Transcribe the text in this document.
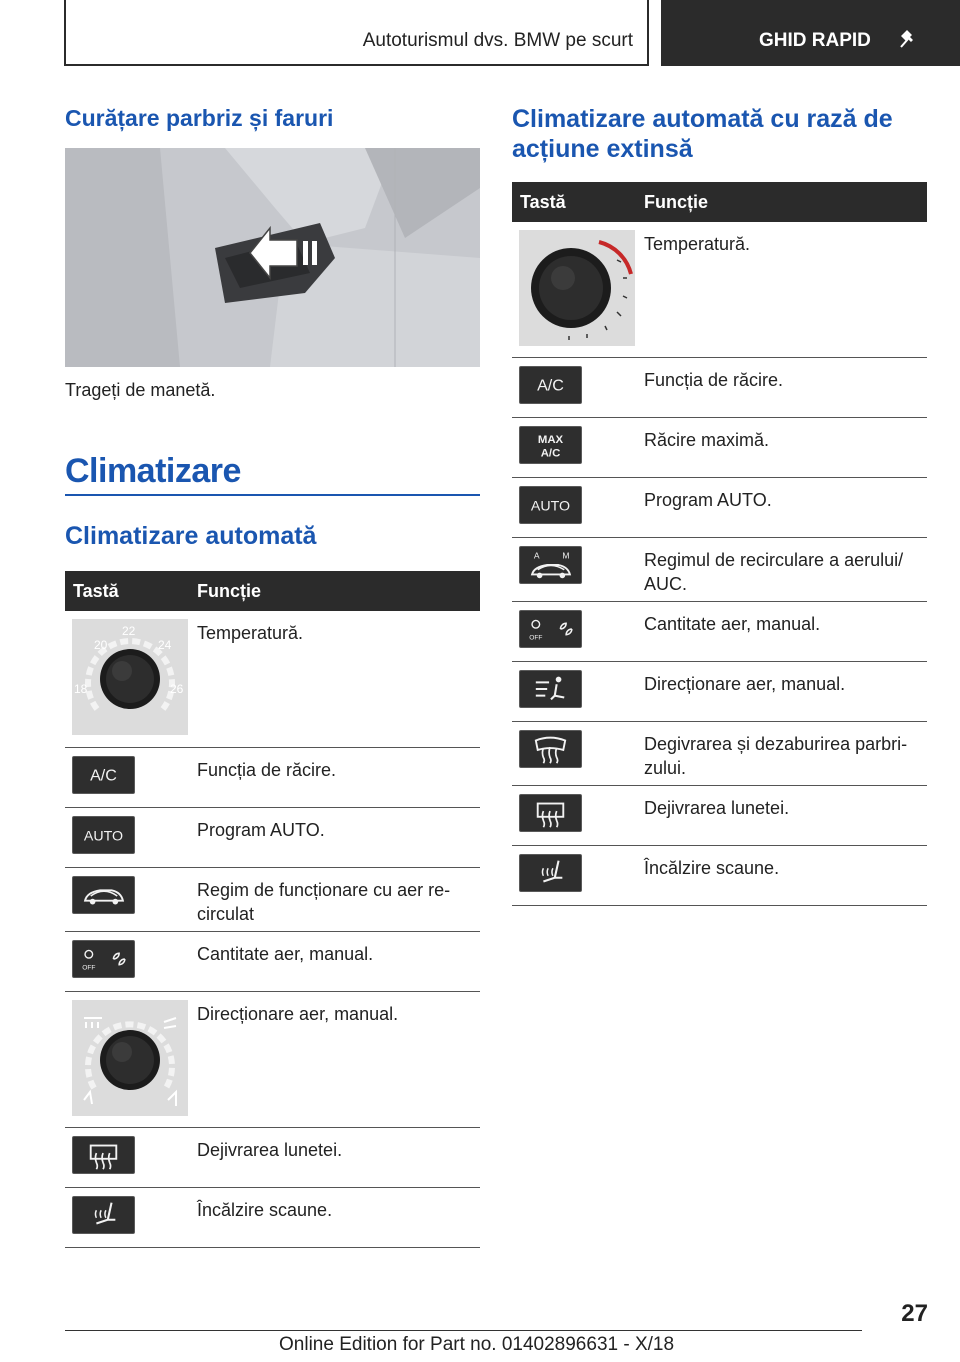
Autoturismul dvs. BMW pe scurt	GHID RAPID
Curățare parbriz și faruri
Trageți de manetă.
Climatizare
Climatizare automată
Tastă	Funcție

20
22
24
18 26	Temperatură.

A/C	Funcția de răcire.

AUTO	Program AUTO.

	Regim de funcționare cu aer re-circulat

OFF	Cantitate aer, manual.

	Direcționare aer, manual.

	Dejivrarea lunetei.

	Încălzire scaune.
Climatizare automată cu rază de acțiune extinsă
Tastă	Funcție

	Temperatură.

A/C	Funcția de răcire.

MAX
A/C	Răcire maximă.

AUTO	Program AUTO.

A M	Regimul de recirculare a aerului/ AUC.

OFF	Cantitate aer, manual.

	Direcționare aer, manual.

	Degivrarea și dezaburirea parbri-zului.

	Dejivrarea lunetei.

	Încălzire scaune.
27
Online Edition for Part no. 01402896631 - X/18
